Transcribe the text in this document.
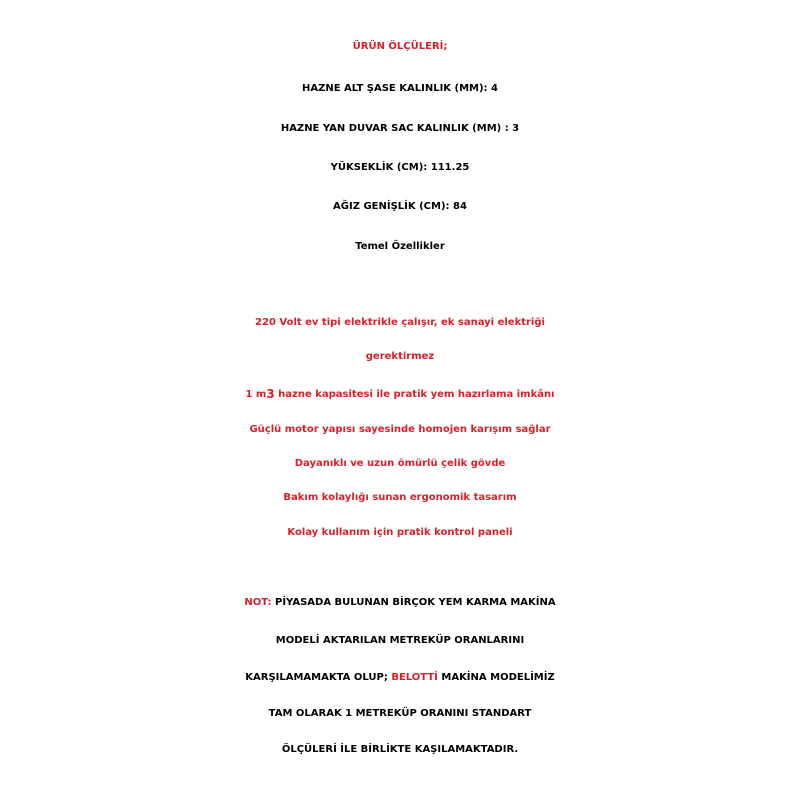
ÜRÜN ÖLÇÜLERİ;
HAZNE ALT ŞASE KALINLIK (MM): 4
HAZNE YAN DUVAR SAC KALINLIK (MM) : 3
YÜKSEKLİK (CM): 111.25
AĞIZ GENİŞLİK (CM): 84
Temel Özellikler
220 Volt ev tipi elektrikle çalışır, ek sanayi elektriği
gerektirmez
1 $m^3$ hazne kapasitesi ile pratik yem hazırlama imkânı
Güçlü motor yapısı sayesinde homojen karışım sağlar
Dayanıklı ve uzun ömürlü çelik gövde
Bakım kolaylığı sunan ergonomik tasarım
Kolay kullanım için pratik kontrol paneli
NOT: PİYASADA BULUNAN BİRÇOK YEM KARMA MAKİNA
MODELİ AKTARILAN METREKÜP ORANLARINI
KARŞILAMAMAKTA OLUP; BELOTTİ MAKİNA MODELİMİZ
TAM OLARAK 1 METREKÜP ORANINI STANDART
ÖLÇÜLERİ İLE BİRLİKTE KAŞILAMAKTADIR.
